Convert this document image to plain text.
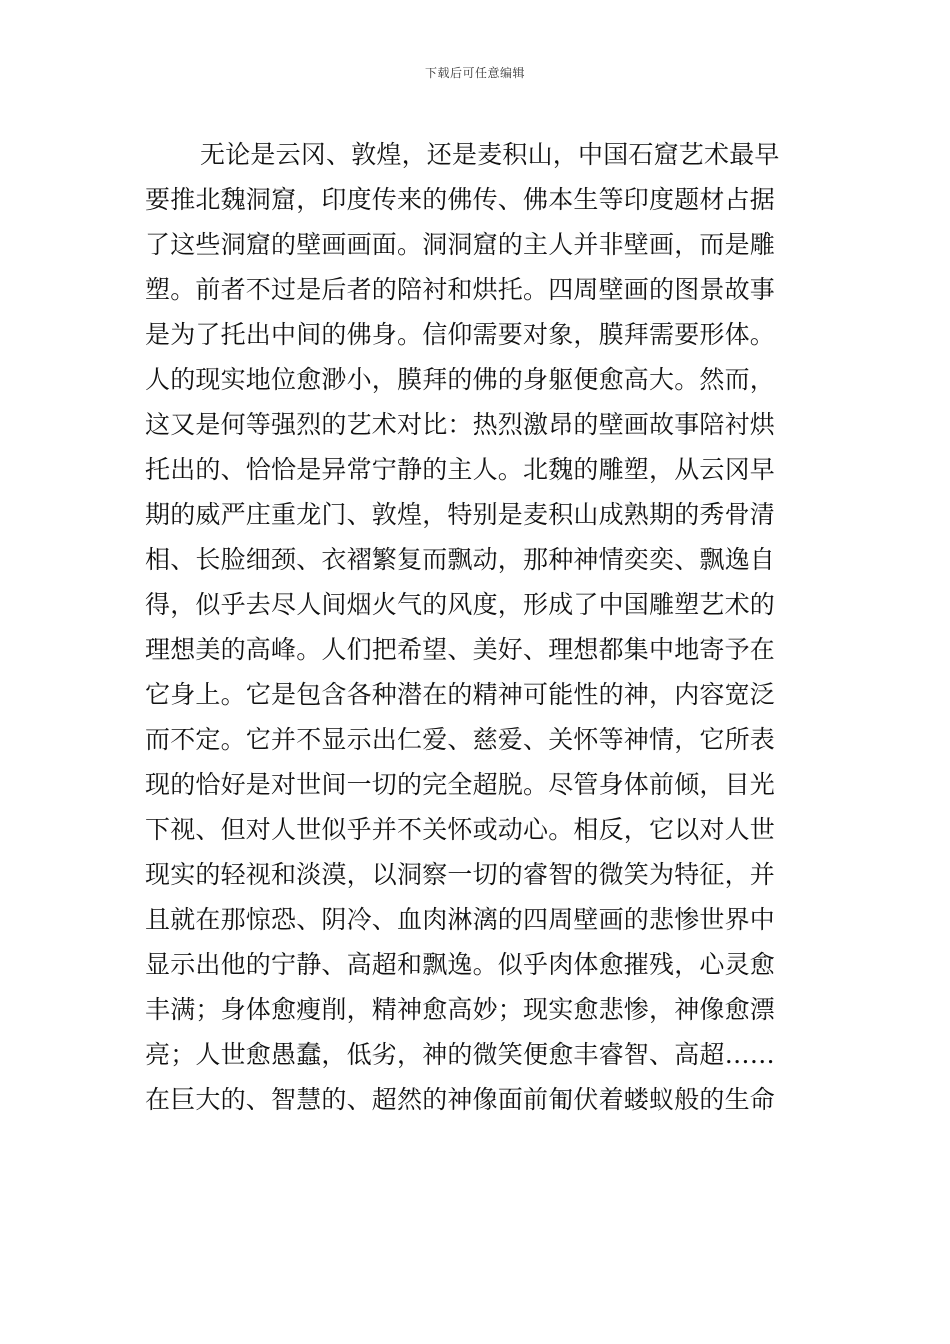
下载后可任意编辑
无论是云冈、敦煌，还是麦积山，中国石窟艺术最早
要推北魏洞窟，印度传来的佛传、佛本生等印度题材占据
了这些洞窟的壁画画面。洞洞窟的主人并非壁画，而是雕
塑。前者不过是后者的陪衬和烘托。四周壁画的图景故事
是为了托出中间的佛身。信仰需要对象，膜拜需要形体。
人的现实地位愈渺小，膜拜的佛的身躯便愈高大。然而，
这又是何等强烈的艺术对比：热烈激昂的壁画故事陪衬烘
托出的、恰恰是异常宁静的主人。北魏的雕塑，从云冈早
期的威严庄重龙门、敦煌，特别是麦积山成熟期的秀骨清
相、长脸细颈、衣褶繁复而飘动，那种神情奕奕、飘逸自
得，似乎去尽人间烟火气的风度，形成了中国雕塑艺术的
理想美的高峰。人们把希望、美好、理想都集中地寄予在
它身上。它是包含各种潜在的精神可能性的神，内容宽泛
而不定。它并不显示出仁爱、慈爱、关怀等神情，它所表
现的恰好是对世间一切的完全超脱。尽管身体前倾，目光
下视、但对人世似乎并不关怀或动心。相反，它以对人世
现实的轻视和淡漠，以洞察一切的睿智的微笑为特征，并
且就在那惊恐、阴冷、血肉淋漓的四周壁画的悲惨世界中
显示出他的宁静、高超和飘逸。似乎肉体愈摧残，心灵愈
丰满；身体愈瘦削，精神愈高妙；现实愈悲惨，神像愈漂
亮；人世愈愚蠢，低劣，神的微笑便愈丰睿智、高超……
在巨大的、智慧的、超然的神像面前匍伏着蝼蚁般的生命
